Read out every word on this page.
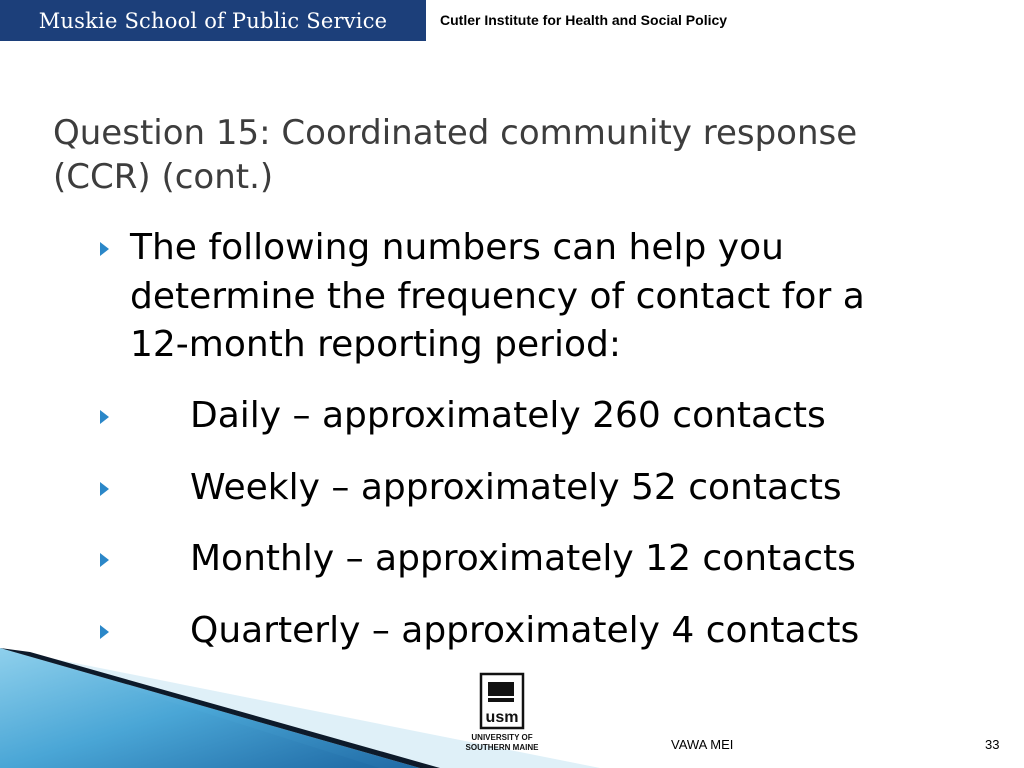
Muskie School of Public Service	Cutler Institute for Health and Social Policy
Question 15: Coordinated community response
(CCR) (cont.)
The following numbers can help you
determine the frequency of contact for a
12-month reporting period:
Daily – approximately 260 contacts
Weekly – approximately 52 contacts
Monthly – approximately 12 contacts
Quarterly – approximately 4 contacts
usm
UNIVERSITY OF
SOUTHERN MAINE	VAWA MEI	33
